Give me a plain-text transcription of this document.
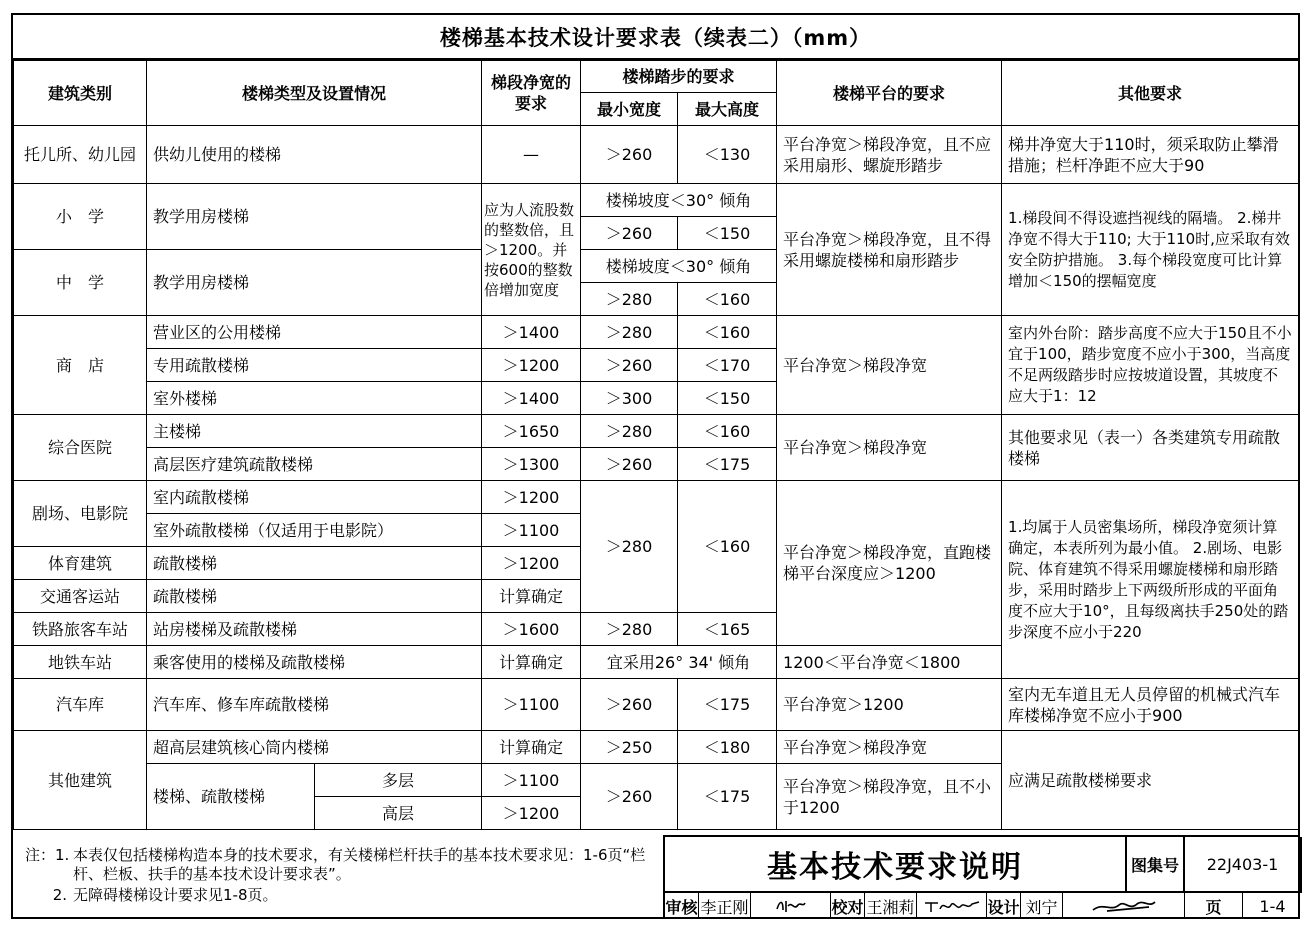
楼梯基本技术设计要求表（续表二）（mm）
建筑类别	楼梯类型及设置情况		梯段净宽的要求	楼梯踏步的要求		楼梯平台的要求	其他要求
				最小宽度	最大高度		
托儿所、幼儿园	供幼儿使用的楼梯		—	＞260	＜130	平台净宽＞梯段净宽，且不应采用扇形、螺旋形踏步	梯井净宽大于110时，须采取防止攀滑措施；栏杆净距不应大于90
小　学	教学用房楼梯		应为人流股数的整数倍，且＞1200。并按600的整数倍增加宽度	楼梯坡度＜30° 倾角		平台净宽＞梯段净宽，且不得采用螺旋楼梯和扇形踏步	1.梯段间不得设遮挡视线的隔墙。 2.梯井净宽不得大于110; 大于110时,应采取有效安全防护措施。 3.每个梯段宽度可比计算增加＜150的摆幅宽度
				＞260	＜150		
中　学	教学用房楼梯			楼梯坡度＜30° 倾角			
				＞280	＜160		
商　店	营业区的公用楼梯		＞1400	＞280	＜160	平台净宽＞梯段净宽	室内外台阶：踏步高度不应大于150且不小宜于100，踏步宽度不应小于300，当高度不足两级踏步时应按坡道设置，其坡度不应大于1：12
	专用疏散楼梯		＞1200	＞260	＜170		
	室外楼梯		＞1400	＞300	＜150		
综合医院	主楼梯		＞1650	＞280	＜160	平台净宽＞梯段净宽	其他要求见（表一）各类建筑专用疏散楼梯
	高层医疗建筑疏散楼梯		＞1300	＞260	＜175		
剧场、电影院	室内疏散楼梯		＞1200	＞280	＜160	平台净宽＞梯段净宽，直跑楼梯平台深度应＞1200	1.均属于人员密集场所，梯段净宽须计算确定，本表所列为最小值。 2.剧场、电影院、体育建筑不得采用螺旋楼梯和扇形踏步，采用时踏步上下两级所形成的平面角度不应大于10°，且每级离扶手250处的踏步深度不应小于220
	室外疏散楼梯（仅适用于电影院）		＞1100				
体育建筑	疏散楼梯		＞1200				
交通客运站	疏散楼梯		计算确定				
铁路旅客车站	站房楼梯及疏散楼梯		＞1600	＞280	＜165		
地铁车站	乘客使用的楼梯及疏散楼梯		计算确定	宜采用26° 34' 倾角		1200＜平台净宽＜1800	
汽车库	汽车库、修车库疏散楼梯		＞1100	＞260	＜175	平台净宽＞1200	室内无车道且无人员停留的机械式汽车库楼梯净宽不应小于900
其他建筑	超高层建筑核心筒内楼梯		计算确定	＞250	＜180	平台净宽＞梯段净宽	应满足疏散楼梯要求
	楼梯、疏散楼梯	多层	＞1100	＞260	＜175	平台净宽＞梯段净宽，且不小于1200	
		高层	＞1200				
注：1. 本表仅包括楼梯构造本身的技术要求，有关楼梯栏杆扶手的基本技术要求见：1-6页“栏杆、栏板、扶手的基本技术设计要求表”。
2. 无障碍楼梯设计要求见1-8页。
基本技术要求说明	图集号	22J403-1
审核 李正刚	校对 王湘莉	设计 刘宁	页	1-4
